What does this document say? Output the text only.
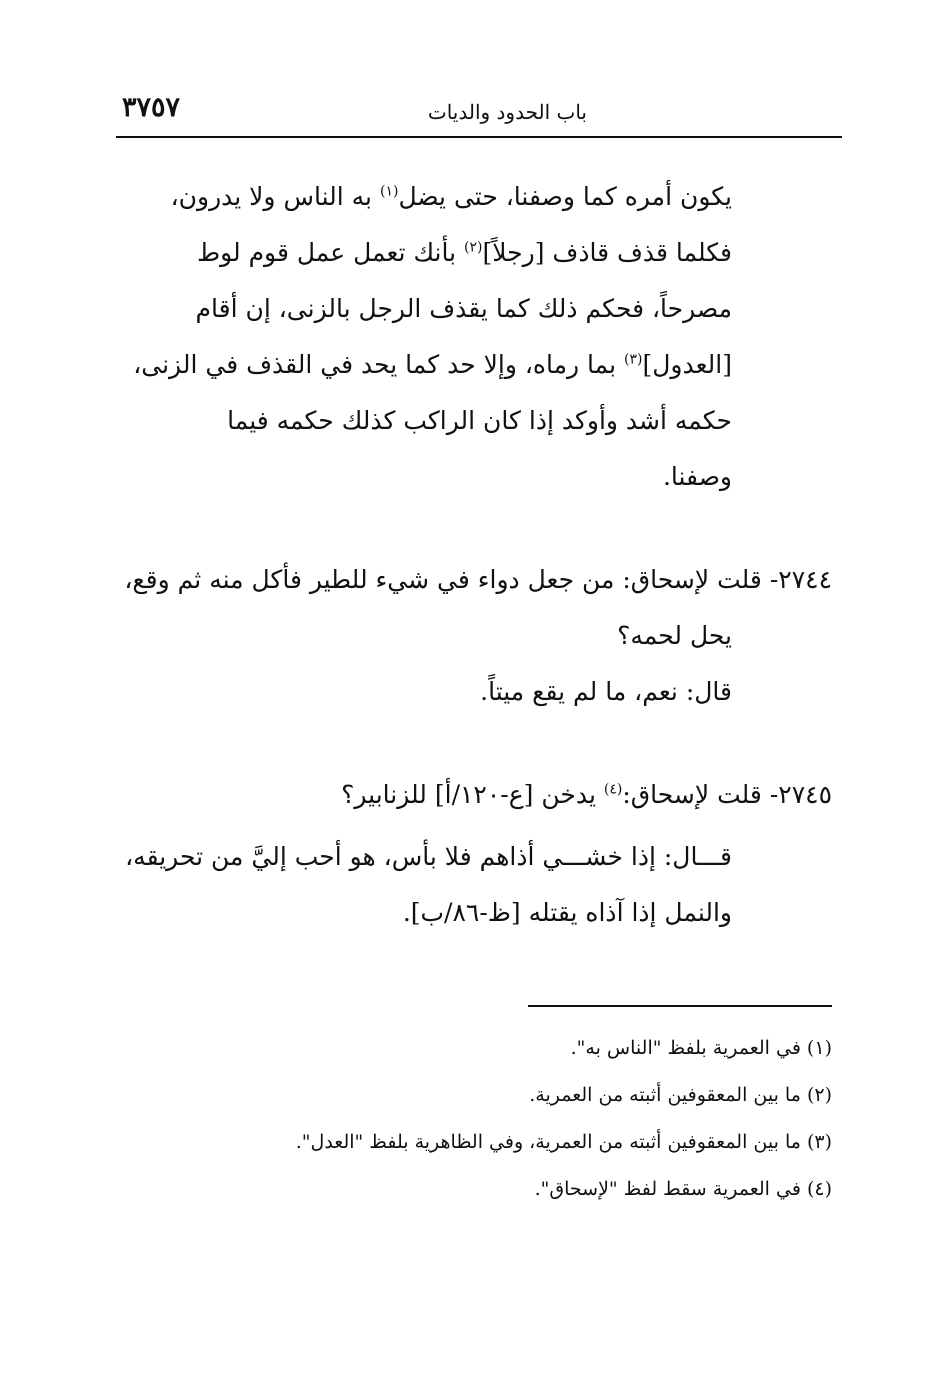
باب الحدود والديات
٣٧٥٧
يكون أمره كما وصفنا، حتى يضل$^{(١)}$ به الناس ولا يدرون،
فكلما قذف قاذف [رجلاً]$^{(٢)}$ بأنك تعمل عمل قوم لوط
مصرحاً، فحكم ذلك كما يقذف الرجل بالزنى، إن أقام
[العدول]$^{(٣)}$ بما رماه، وإلا حد كما يحد في القذف في الزنى،
حكمه أشد وأوكد إذا كان الراكب كذلك حكمه فيما
وصفنا.
٢٧٤٤- قلت لإسحاق: من جعل دواء في شيء للطير فأكل منه ثم وقع،
يحل لحمه؟
قال: نعم، ما لم يقع ميتاً.
٢٧٤٥- قلت لإسحاق:$^{(٤)}$ يدخن [ع-١٢٠/أ] للزنابير؟
قـــال: إذا خشـــي أذاهم فلا بأس، هو أحب إليَّ من تحريقه،
والنمل إذا آذاه يقتله [ظ-٨٦/ب].
(١) في العمرية بلفظ "الناس به".
(٢) ما بين المعقوفين أثبته من العمرية.
(٣) ما بين المعقوفين أثبته من العمرية، وفي الظاهرية بلفظ "العدل".
(٤) في العمرية سقط لفظ "لإسحاق".
